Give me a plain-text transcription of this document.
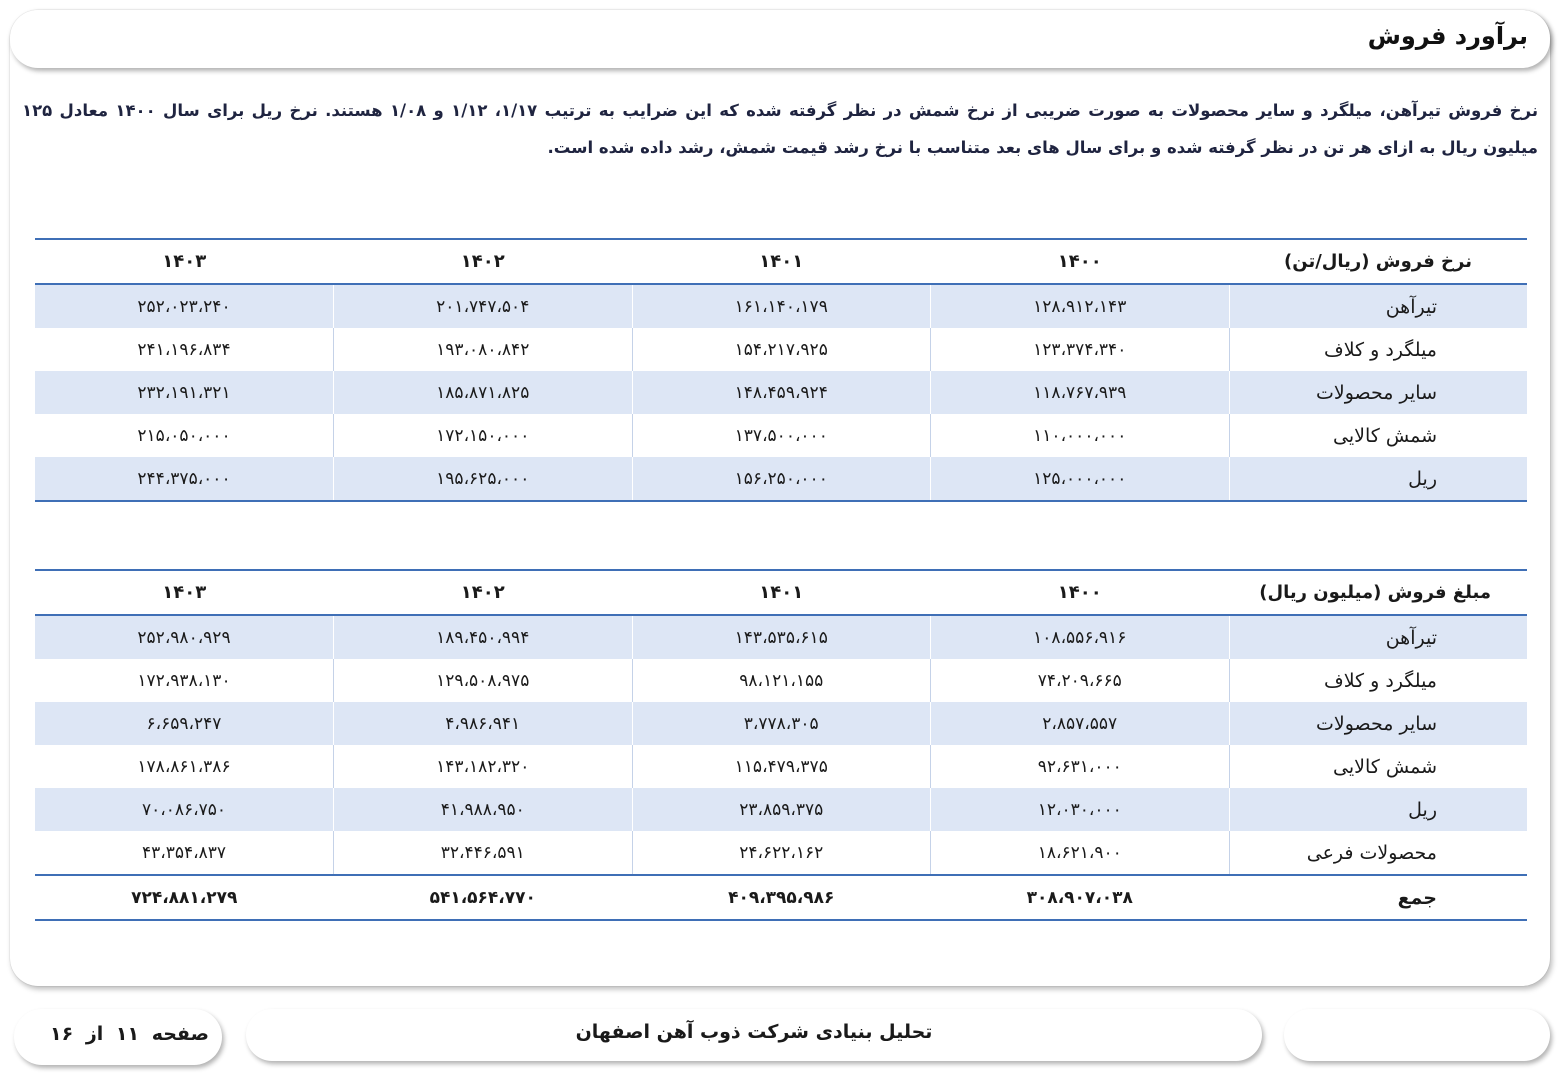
برآورد فروش
نرخ فروش تیرآهن، میلگرد و سایر محصولات به صورت ضریبی از نرخ شمش در نظر گرفته شده که این ضرایب به ترتیب ۱/۱۷، ۱/۱۲ و ۱/۰۸ هستند. نرخ ریل برای سال ۱۴۰۰ معادل ۱۲۵ میلیون ریال به ازای هر تن در نظر گرفته شده و برای سال های بعد متناسب با نرخ رشد قیمت شمش، رشد داده شده است.
نرخ فروش (ریال/تن)	۱۴۰۰	۱۴۰۱	۱۴۰۲	۱۴۰۳
تیرآهن	۱۲۸،۹۱۲،۱۴۳	۱۶۱،۱۴۰،۱۷۹	۲۰۱،۷۴۷،۵۰۴	۲۵۲،۰۲۳،۲۴۰
میلگرد و کلاف	۱۲۳،۳۷۴،۳۴۰	۱۵۴،۲۱۷،۹۲۵	۱۹۳،۰۸۰،۸۴۲	۲۴۱،۱۹۶،۸۳۴
سایر محصولات	۱۱۸،۷۶۷،۹۳۹	۱۴۸،۴۵۹،۹۲۴	۱۸۵،۸۷۱،۸۲۵	۲۳۲،۱۹۱،۳۲۱
شمش کالایی	۱۱۰،۰۰۰،۰۰۰	۱۳۷،۵۰۰،۰۰۰	۱۷۲،۱۵۰،۰۰۰	۲۱۵،۰۵۰،۰۰۰
ریل	۱۲۵،۰۰۰،۰۰۰	۱۵۶،۲۵۰،۰۰۰	۱۹۵،۶۲۵،۰۰۰	۲۴۴،۳۷۵،۰۰۰
مبلغ فروش (میلیون ریال)	۱۴۰۰	۱۴۰۱	۱۴۰۲	۱۴۰۳
تیرآهن	۱۰۸،۵۵۶،۹۱۶	۱۴۳،۵۳۵،۶۱۵	۱۸۹،۴۵۰،۹۹۴	۲۵۲،۹۸۰،۹۲۹
میلگرد و کلاف	۷۴،۲۰۹،۶۶۵	۹۸،۱۲۱،۱۵۵	۱۲۹،۵۰۸،۹۷۵	۱۷۲،۹۳۸،۱۳۰
سایر محصولات	۲،۸۵۷،۵۵۷	۳،۷۷۸،۳۰۵	۴،۹۸۶،۹۴۱	۶،۶۵۹،۲۴۷
شمش کالایی	۹۲،۶۳۱،۰۰۰	۱۱۵،۴۷۹،۳۷۵	۱۴۳،۱۸۲،۳۲۰	۱۷۸،۸۶۱،۳۸۶
ریل	۱۲،۰۳۰،۰۰۰	۲۳،۸۵۹،۳۷۵	۴۱،۹۸۸،۹۵۰	۷۰،۰۸۶،۷۵۰
محصولات فرعی	۱۸،۶۲۱،۹۰۰	۲۴،۶۲۲،۱۶۲	۳۲،۴۴۶،۵۹۱	۴۳،۳۵۴،۸۳۷
جمع	۳۰۸،۹۰۷،۰۳۸	۴۰۹،۳۹۵،۹۸۶	۵۴۱،۵۶۴،۷۷۰	۷۲۴،۸۸۱،۲۷۹
صفحه ۱۱ از ۱۶	تحلیل بنیادی شرکت ذوب آهن اصفهان
